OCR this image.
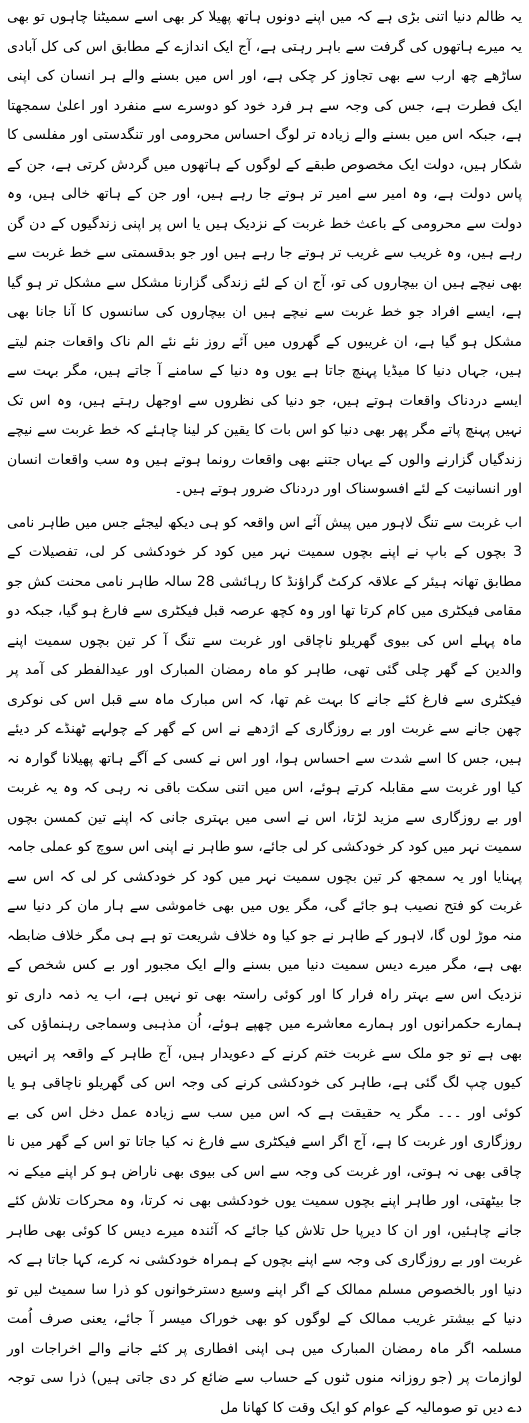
یہ ظالم دنیا اتنی بڑی ہے کہ میں اپنے دونوں ہاتھ پھیلا کر بھی اسے سمیٹنا چاہوں تو بھی یہ میرے ہاتھوں کی گرفت سے باہر رہتی ہے، آج ایک اندازے کے مطابق اس کی کل آبادی ساڑھے چھ ارب سے بھی تجاوز کر چکی ہے، اور اس میں بسنے والے ہر انسان کی اپنی ایک فطرت ہے، جس کی وجہ سے ہر فرد خود کو دوسرے سے منفرد اور اعلیٰ سمجھتا ہے، جبکہ اس میں بسنے والے زیادہ تر لوگ احساس محرومی اور تنگدستی اور مفلسی کا شکار ہیں، دولت ایک مخصوص طبقے کے لوگوں کے ہاتھوں میں گردش کرتی ہے، جن کے پاس دولت ہے، وہ امیر سے امیر تر ہوتے جا رہے ہیں، اور جن کے ہاتھ خالی ہیں، وہ دولت سے محرومی کے باعث خط غربت کے نزدیک ہیں یا اس پر اپنی زندگیوں کے دن گن رہے ہیں، وہ غریب سے غریب تر ہوتے جا رہے ہیں اور جو بدقسمتی سے خط غربت سے بھی نیچے ہیں ان بیچاروں کی تو، آج ان کے لئے زندگی گزارنا مشکل سے مشکل تر ہو گیا ہے، ایسے افراد جو خط غربت سے نیچے ہیں ان بیچاروں کی سانسوں کا آنا جانا بھی مشکل ہو گیا ہے، ان غریبوں کے گھروں میں آئے روز نئے نئے الم ناک واقعات جنم لیتے ہیں، جہاں دنیا کا میڈیا پہنچ جاتا ہے یوں وہ دنیا کے سامنے آ جاتے ہیں، مگر بہت سے ایسے دردناک واقعات ہوتے ہیں، جو دنیا کی نظروں سے اوجھل رہتے ہیں، وہ اس تک نہیں پہنچ پاتے مگر پھر بھی دنیا کو اس بات کا یقین کر لینا چاہئے کہ خط غربت سے نیچے زندگیاں گزارنے والوں کے یہاں جتنے بھی واقعات رونما ہوتے ہیں وہ سب واقعات انسان اور انسانیت کے لئے افسوسناک اور دردناک ضرور ہوتے ہیں۔

اب غربت سے تنگ لاہور میں پیش آئے اس واقعہ کو ہی دیکھ لیجئے جس میں طاہر نامی 3 بچوں کے باپ نے اپنے بچوں سمیت نہر میں کود کر خودکشی کر لی، تفصیلات کے مطابق تھانہ ہیئر کے علاقہ کرکٹ گراؤنڈ کا رہائشی 28 سالہ طاہر نامی محنت کش جو مقامی فیکٹری میں کام کرتا تھا اور وہ کچھ عرصہ قبل فیکٹری سے فارغ ہو گیا، جبکہ دو ماہ پہلے اس کی بیوی گھریلو ناچاقی اور غربت سے تنگ آ کر تین بچوں سمیت اپنے والدین کے گھر چلی گئی تھی، طاہر کو ماہ رمضان المبارک اور عیدالفطر کی آمد پر فیکٹری سے فارغ کئے جانے کا بہت غم تھا، کہ اس مبارک ماہ سے قبل اس کی نوکری چھن جانے سے غربت اور بے روزگاری کے اژدھے نے اس کے گھر کے چولہے ٹھنڈے کر دیئے ہیں، جس کا اسے شدت سے احساس ہوا، اور اس نے کسی کے آگے ہاتھ پھیلانا گوارہ نہ کیا اور غربت سے مقابلہ کرتے ہوئے، اس میں اتنی سکت باقی نہ رہی کہ وہ یہ غربت اور بے روزگاری سے مزید لڑتا، اس نے اسی میں بہتری جانی کہ اپنے تین کمسن بچوں سمیت نہر میں کود کر خودکشی کر لی جائے، سو طاہر نے اپنی اس سوچ کو عملی جامہ پہنایا اور یہ سمجھ کر تین بچوں سمیت نہر میں کود کر خودکشی کر لی کہ اس سے غربت کو فتح نصیب ہو جائے گی، مگر یوں میں بھی خاموشی سے ہار مان کر دنیا سے منہ موڑ لوں گا، لاہور کے طاہر نے جو کیا وہ خلاف شریعت تو ہے ہی مگر خلاف ضابطہ بھی ہے، مگر میرے دیس سمیت دنیا میں بسنے والے ایک مجبور اور بے کس شخص کے نزدیک اس سے بہتر راہ فرار کا اور کوئی راستہ بھی تو نہیں ہے، اب یہ ذمہ داری تو ہمارے حکمرانوں اور ہمارے معاشرے میں چھپے ہوئے، اُن مذہبی وسماجی رہنماؤں کی بھی ہے تو جو ملک سے غربت ختم کرنے کے دعویدار ہیں، آج طاہر کے واقعہ پر انہیں کیوں چپ لگ گئی ہے، طاہر کی خودکشی کرنے کی وجہ اس کی گھریلو ناچاقی ہو یا کوئی اور ۔۔۔ مگر یہ حقیقت ہے کہ اس میں سب سے زیادہ عمل دخل اس کی بے روزگاری اور غربت کا ہے، آج اگر اسے فیکٹری سے فارغ نہ کیا جاتا تو اس کے گھر میں نا چاقی بھی نہ ہوتی، اور غربت کی وجہ سے اس کی بیوی بھی ناراض ہو کر اپنے میکے نہ جا بیٹھتی، اور طاہر اپنے بچوں سمیت یوں خودکشی بھی نہ کرتا، وہ محرکات تلاش کئے جانے چاہئیں، اور ان کا دیرپا حل تلاش کیا جائے کہ آئندہ میرے دیس کا کوئی بھی طاہر غربت اور بے روزگاری کی وجہ سے اپنے بچوں کے ہمراہ خودکشی نہ کرے، کہا جاتا ہے کہ دنیا اور بالخصوص مسلم ممالک کے اگر اپنے وسیع دسترخوانوں کو ذرا سا سمیٹ لیں تو دنیا کے بیشتر غریب ممالک کے لوگوں کو بھی خوراک میسر آ جائے، یعنی صرف اُمت مسلمہ اگر ماہ رمضان المبارک میں ہی اپنی افطاری پر کئے جانے والے اخراجات اور لوازمات پر (جو روزانہ منوں ٹنوں کے حساب سے ضائع کر دی جاتی ہیں) ذرا سی توجہ دے دیں تو صومالیہ کے عوام کو ایک وقت کا کھانا مل
